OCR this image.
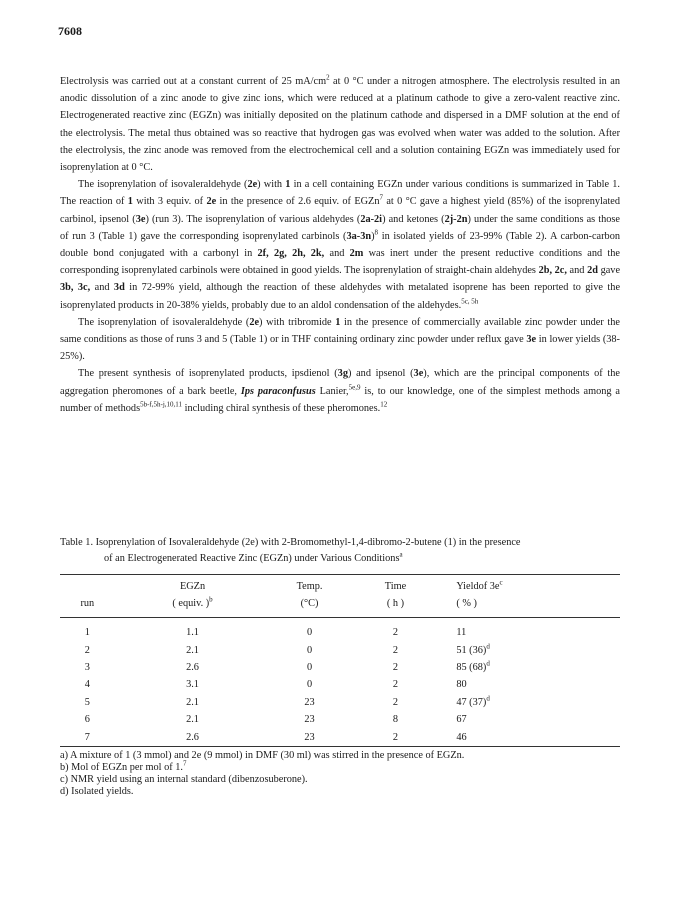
7608

Electrolysis was carried out at a constant current of 25 $mA/cm^2$ at 0 °C under a nitrogen atmosphere. The electrolysis resulted in an anodic dissolution of a zinc anode to give zinc ions, which were reduced at a platinum cathode to give a zero-valent reactive zinc. Electrogenerated reactive zinc (EGZn) was initially deposited on the platinum cathode and dispersed in a DMF solution at the end of the electrolysis. The metal thus obtained was so reactive that hydrogen gas was evolved when water was added to the solution. After the electrolysis, the zinc anode was removed from the electrochemical cell and a solution containing EGZn was immediately used for isoprenylation at 0 °C.

The isoprenylation of isovaleraldehyde (2e) with 1 in a cell containing EGZn under various conditions is summarized in Table 1. The reaction of 1 with 3 equiv. of 2e in the presence of 2.6 equiv. of EGZn$^7$ at 0 °C gave a highest yield (85%) of the isoprenylated carbinol, ipsenol (3e) (run 3). The isoprenylation of various aldehydes (2a-2i) and ketones (2j-2n) under the same conditions as those of run 3 (Table 1) gave the corresponding isoprenylated carbinols $(3a-3n)^8$ in isolated yields of 23-99% (Table 2). A carbon-carbon double bond conjugated with a carbonyl in 2f, 2g, 2h, 2k, and 2m was inert under the present reductive conditions and the corresponding isoprenylated carbinols were obtained in good yields. The isoprenylation of straight-chain aldehydes 2b, 2c, and 2d gave 3b, 3c, and 3d in 72-99% yield, although the reaction of these aldehydes with metalated isoprene has been reported to give the isoprenylated products in 20-38% yields, probably due to an aldol condensation of the aldehydes.$^{5c, 5h}$

The isoprenylation of isovaleraldehyde (2e) with tribromide 1 in the presence of commercially available zinc powder under the same conditions as those of runs 3 and 5 (Table 1) or in THF containing ordinary zinc powder under reflux gave 3e in lower yields (38-25%).

The present synthesis of isoprenylated products, ipsdienol (3g) and ipsenol (3e), which are the principal components of the aggregation pheromones of a bark beetle, Ips paraconfusus Lanier,$^{5e,9}$ is, to our knowledge, one of the simplest methods among a number of methods$^{5b-f,5h-j,10,11}$ including chiral synthesis of these pheromones.$^{12}$

Table 1. Isoprenylation of Isovaleraldehyde (2e) with 2-Bromomethyl-1,4-dibromo-2-butene (1) in the presence
of an Electrogenerated Reactive Zinc (EGZn) under Various Conditions$^a$
	EGZn	Temp.	Time	Yieldof $3e^c$
run	( equiv. )$^b$	(°C)	( h )	( % )

1	1.1	0	2	11
2	2.1	0	2	51 $(36)^d$
3	2.6	0	2	85 $(68)^d$
4	3.1	0	2	80
5	2.1	23	2	47 $(37)^d$
6	2.1	23	8	67
7	2.6	23	2	46
a) A mixture of 1 (3 mmol) and 2e (9 mmol) in DMF (30 ml) was stirred in the presence of EGZn.
b) Mol of EGZn per mol of 1.$^7$
c) NMR yield using an internal standard (dibenzosuberone).
d) Isolated yields.
